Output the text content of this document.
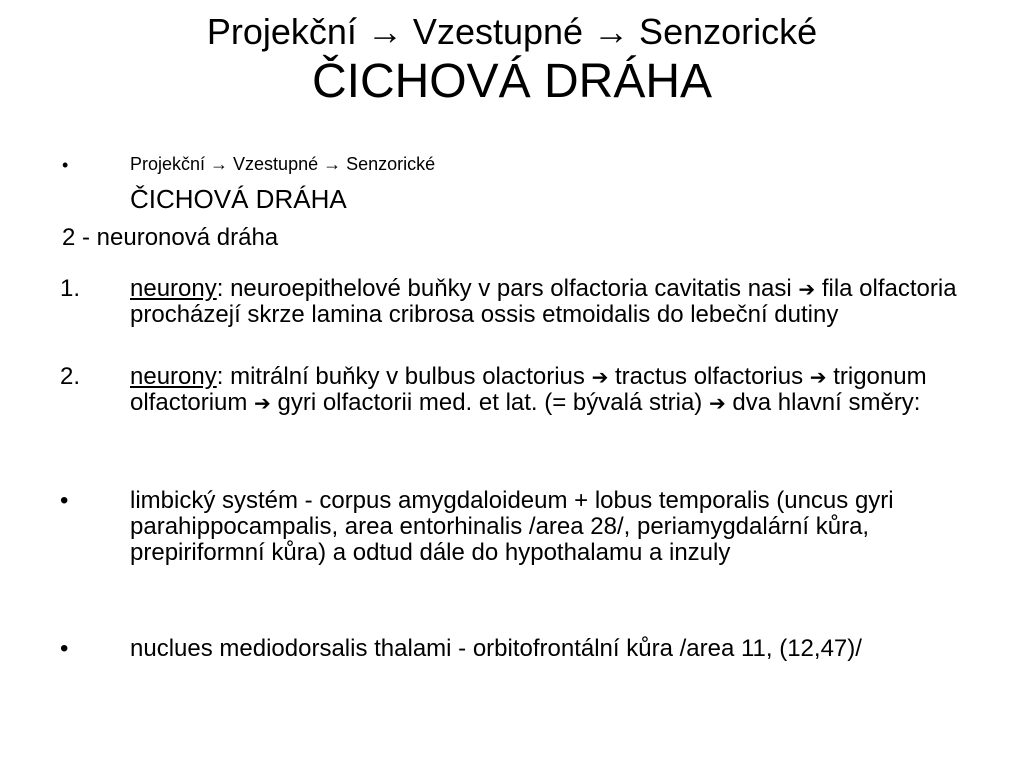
Projekční → Vzestupné → Senzorické
ČICHOVÁ DRÁHA
•	Projekční → Vzestupné → Senzorické
ČICHOVÁ DRÁHA
2 - neuronová dráha
1. neurony: neuroepithelové buňky v pars olfactoria cavitatis nasi ➔ fila olfactoria procházejí skrze lamina cribrosa ossis etmoidalis do lebeční dutiny
2. neurony: mitrální buňky v bulbus olactorius ➔ tractus olfactorius ➔ trigonum olfactorium ➔ gyri olfactorii med. et lat. (= bývalá stria) ➔ dva hlavní směry:
•	limbický systém - corpus amygdaloideum + lobus temporalis (uncus gyri parahippocampalis, area entorhinalis /area 28/, periamygdalární kůra, prepiriformní kůra) a odtud dále do hypothalamu a inzuly
•	nuclues mediodorsalis thalami - orbitofrontální kůra /area 11, (12,47)/
